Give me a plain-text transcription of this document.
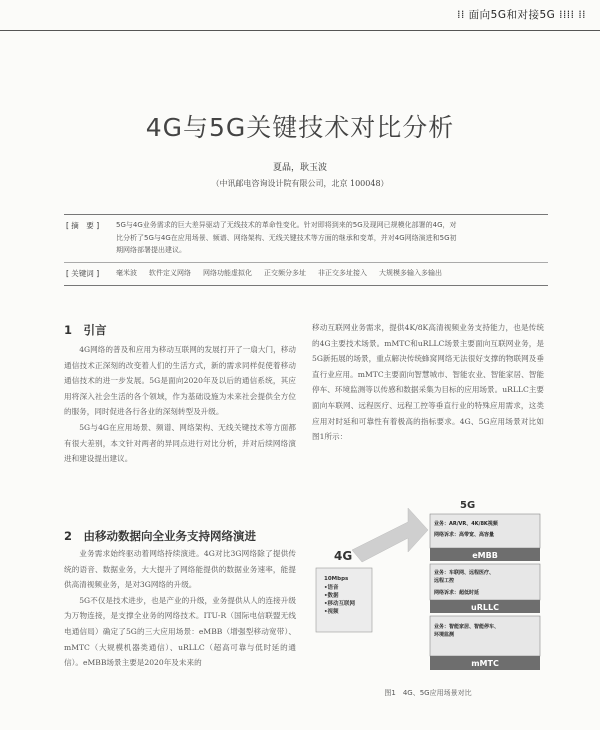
⁞⁞ 面向5G和对接5G ⁞⁞⁞⁞ ⁞⁞
4G与5G关键技术对比分析
夏晶，耿玉波
（中讯邮电咨询设计院有限公司，北京 100048）
[ 摘　要 ] 5G与4G业务需求的巨大差异驱动了无线技术的革命性变化。针对即将到来的5G及现网已规模化部署的4G，对
比分析了5G与4G在应用场景、频谱、网络架构、无线关键技术等方面的继承和变革，并对4G网络演进和5G初
期网络部署提出建议。
[ 关键词 ] 毫米波 软件定义网络 网络功能虚拟化 正交频分多址 非正交多址接入 大规模多输入多输出
1　引言

4G网络的普及和应用为移动互联网的发展打开了一扇大门，移动通信技术正深刻的改变着人们的生活方式，新的需求同样促使着移动通信技术的进一步发展。5G是面向2020年及以后的通信系统，其应用将深入社会生活的各个领域，作为基础设施为未来社会提供全方位的服务，同时促进各行各业的深刻转型及升级。

5G与4G在应用场景、频谱、网络架构、无线关键技术等方面都有很大差别，本文针对两者的异同点进行对比分析，并对后续网络演进和建设提出建议。

2　由移动数据向全业务支持网络演进

业务需求始终驱动着网络持续演进。4G对比3G网络除了提供传统的语音、数据业务，大大提升了网络能提供的数据业务速率，能提供高清视频业务，是对3G网络的升级。

5G不仅是技术进步，也是产业的升级，业务提供从人的连接升级为万物连接，是支撑全业务的网络技术。ITU-R（国际电信联盟无线电通信局）确定了5G的三大应用场景：eMBB（增强型移动宽带）、mMTC（大规模机器类通信）、uRLLC（超高可靠与低时延的通信）。eMBB场景主要是2020年及未来的

移动互联网业务需求，提供4K/8K高清视频业务支持能力，也是传统的4G主要技术场景。mMTC和uRLLC场景主要面向互联网业务，是5G新拓展的场景，重点解决传统蜂窝网络无法很好支撑的物联网及垂直行业应用。mMTC主要面向智慧城市、智能农业、智能家居、智能停车、环境监测等以传感和数据采集为目标的应用场景。uRLLC主要面向车联网、远程医疗、远程工控等垂直行业的特殊应用需求，这类应用对时延和可靠性有着极高的指标要求。4G、5G应用场景对比如图1所示：

4G
10Mbps
•语音
•数据
•移动互联网
•视频
5G
业务：AR/VR、4K/8K视频
网络诉求：高带宽、高容量
eMBB
业务：车联网、远程医疗、
远程工控
网络诉求：超低时延
uRLLC
业务：智能家居、智能停车、
环境监测
mMTC
图1　4G、5G应用场景对比
